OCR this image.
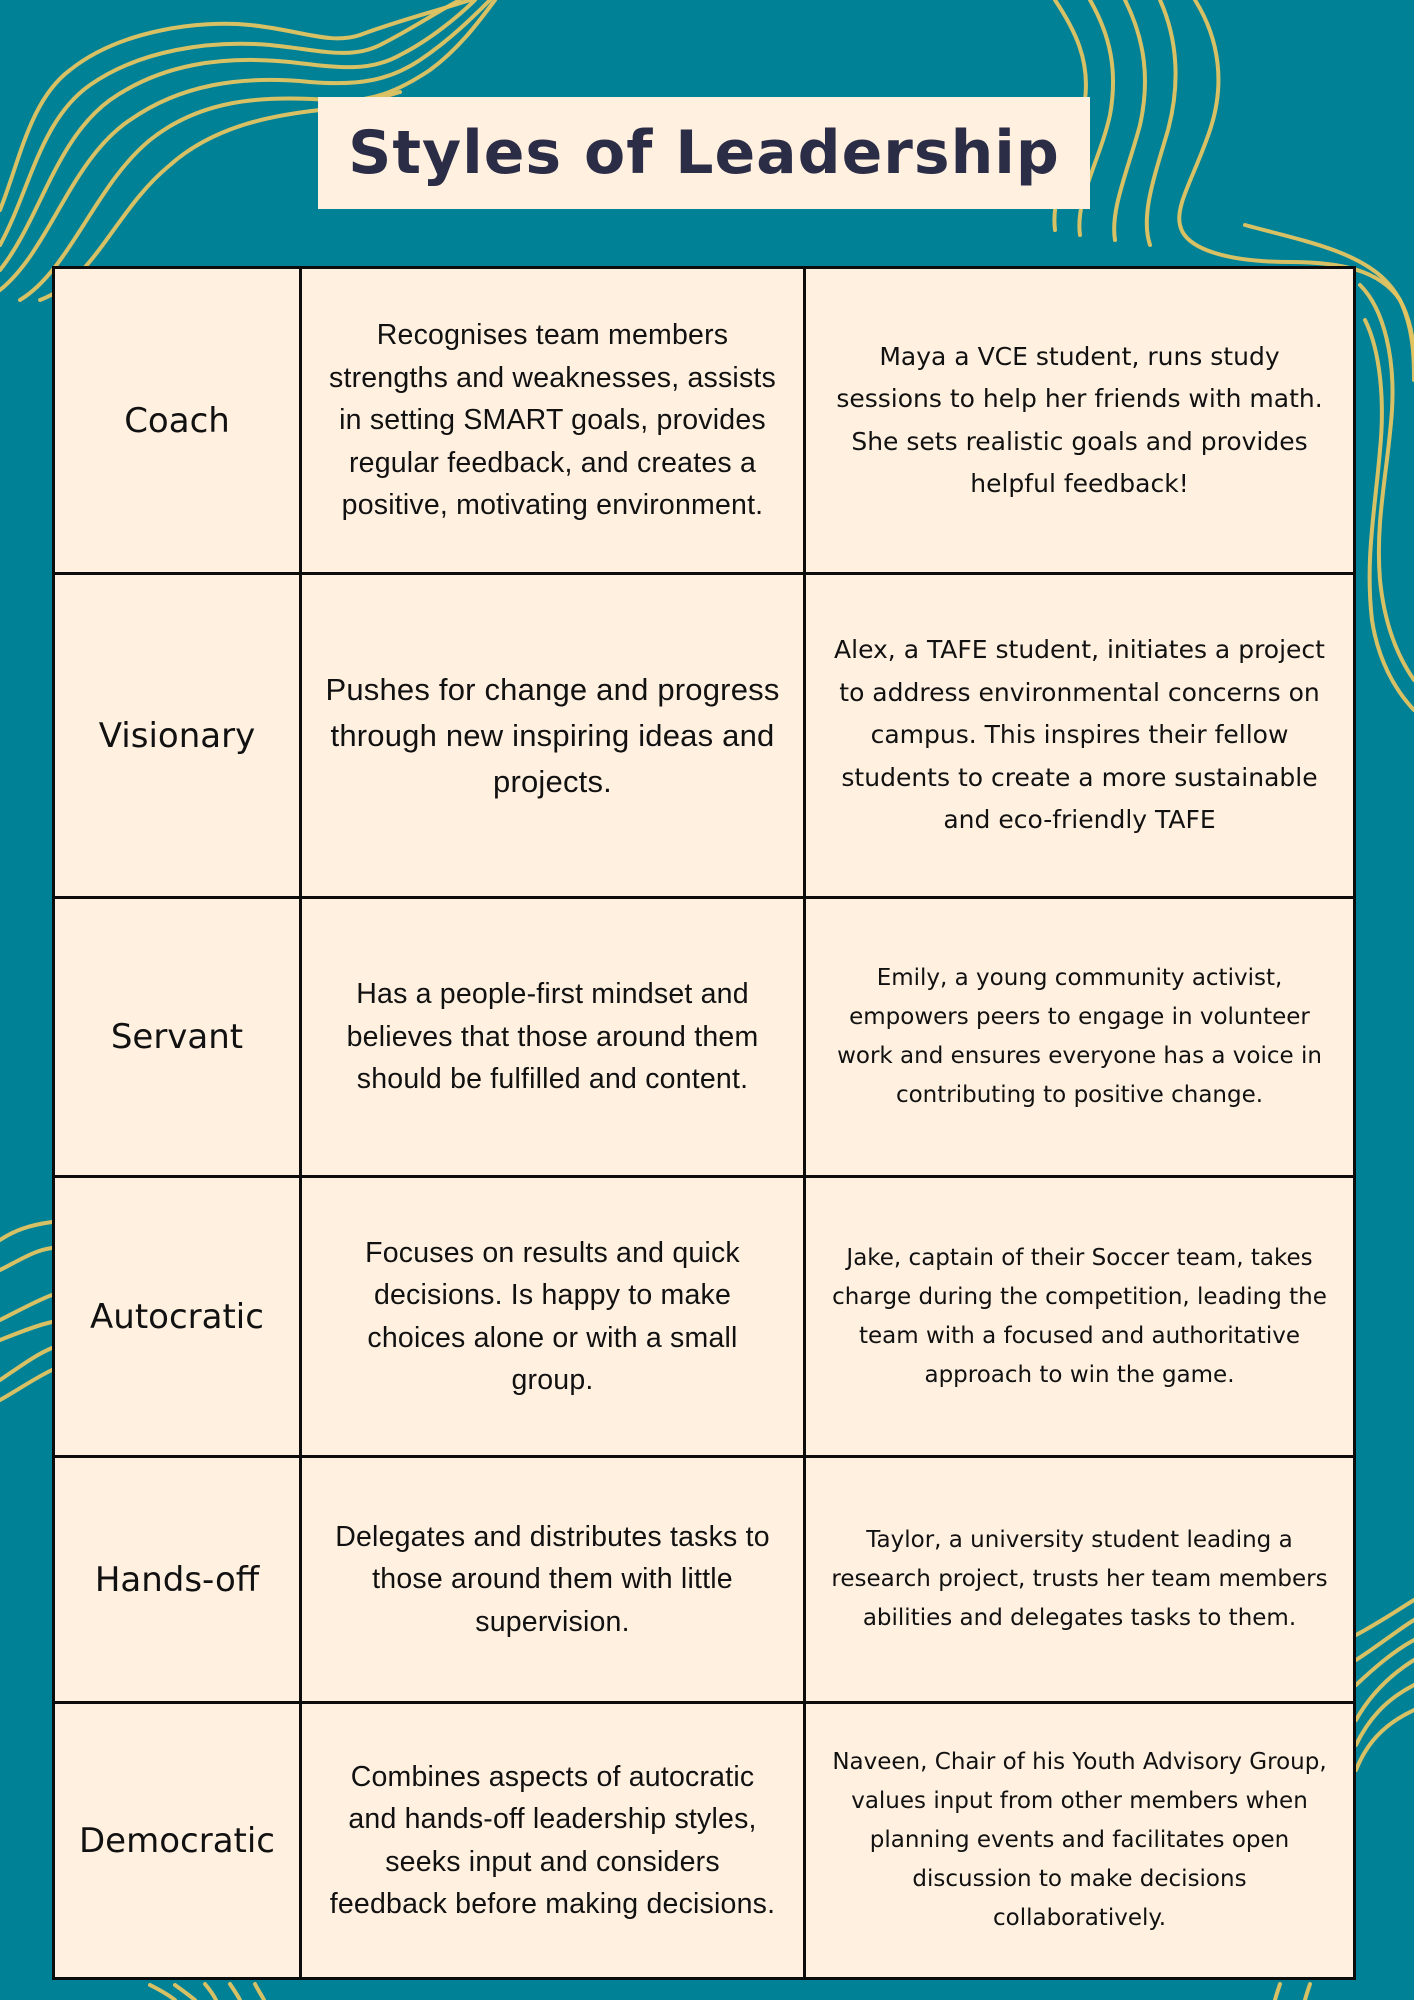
Styles of Leadership
Coach
Recognises team members strengths and weaknesses, assists in setting SMART goals, provides regular feedback, and creates a positive, motivating environment.
Maya a VCE student, runs study sessions to help her friends with math. She sets realistic goals and provides helpful feedback!
Visionary
Pushes for change and progress through new inspiring ideas and projects.
Alex, a TAFE student, initiates a project to address environmental concerns on campus. This inspires their fellow students to create a more sustainable and eco-friendly TAFE
Servant
Has a people-first mindset and believes that those around them should be fulfilled and content.
Emily, a young community activist, empowers peers to engage in volunteer work and ensures everyone has a voice in contributing to positive change.
Autocratic
Focuses on results and quick decisions. Is happy to make choices alone or with a small group.
Jake, captain of their Soccer team, takes charge during the competition, leading the team with a focused and authoritative approach to win the game.
Hands-off
Delegates and distributes tasks to those around them with little supervision.
Taylor, a university student leading a research project, trusts her team members abilities and delegates tasks to them.
Democratic
Combines aspects of autocratic and hands-off leadership styles, seeks input and considers feedback before making decisions.
Naveen, Chair of his Youth Advisory Group, values input from other members when planning events and facilitates open discussion to make decisions collaboratively.
